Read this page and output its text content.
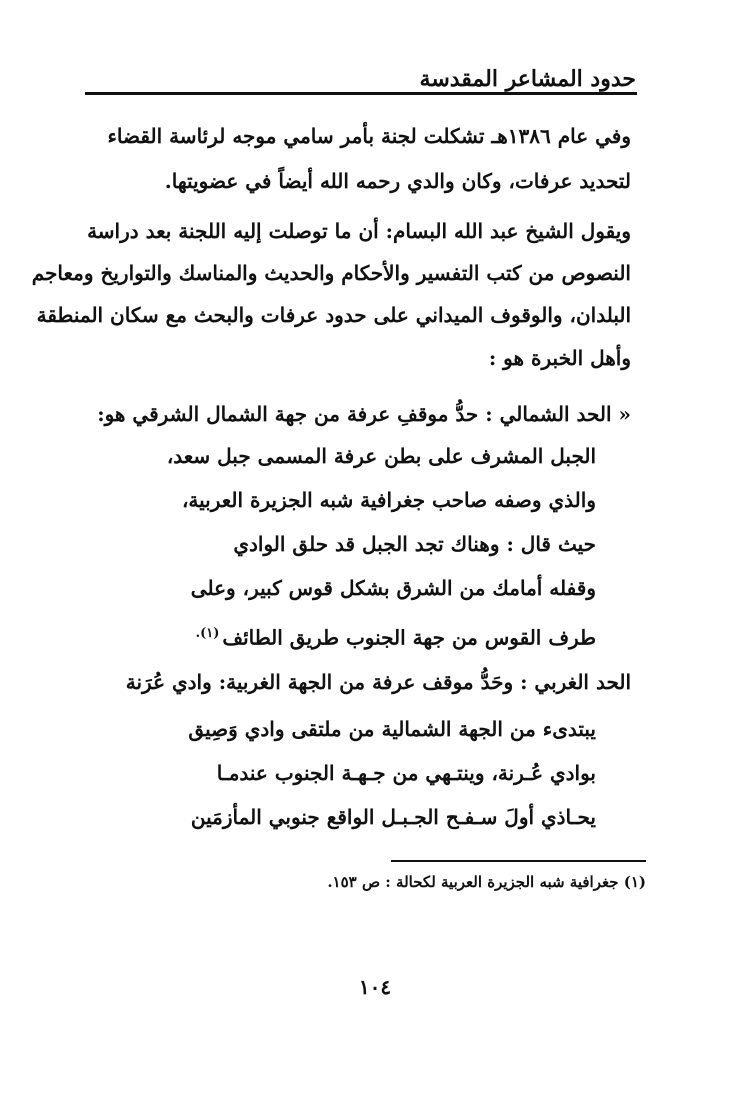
حدود المشاعر المقدسة
وفي عام ١٣٨٦هـ تشكلت لجنة بأمر سامي موجه لرئاسة القضاء
لتحديد عرفات، وكان والدي رحمه الله أيضاً في عضويتها.
ويقول الشيخ عبد الله البسام: أن ما توصلت إليه اللجنة بعد دراسة
النصوص من كتب التفسير والأحكام والحديث والمناسك والتواريخ ومعاجم
البلدان، والوقوف الميداني على حدود عرفات والبحث مع سكان المنطقة
وأهل الخبرة هو :
« الحد الشمالي : حدُّ موقفِ عرفة من جهة الشمال الشرقي هو:
الجبل المشرف على بطن عرفة المسمى جبل سعد،
والذي وصفه صاحب جغرافية شبه الجزيرة العربية،
حيث قال : وهناك تجد الجبل قد حلق الوادي
وقفله أمامك من الشرق بشكل قوس كبير، وعلى
طرف القوس من جهة الجنوب طريق الطائف$^{(١).}$
الحد الغربي : وحَدُّ موقف عرفة من الجهة الغربية: وادي عُرَنة
يبتدىء من الجهة الشمالية من ملتقى وادي وَصِيق
بوادي عُـرنة، وينتـهي من جـهـة الجنوب عندمـا
يحـاذي أولَ سـفـح الجـبـل الواقع جنوبي المأزمَين
(١) جغرافية شبه الجزيرة العربية لكحالة : ص ١٥٣.
١٠٤
